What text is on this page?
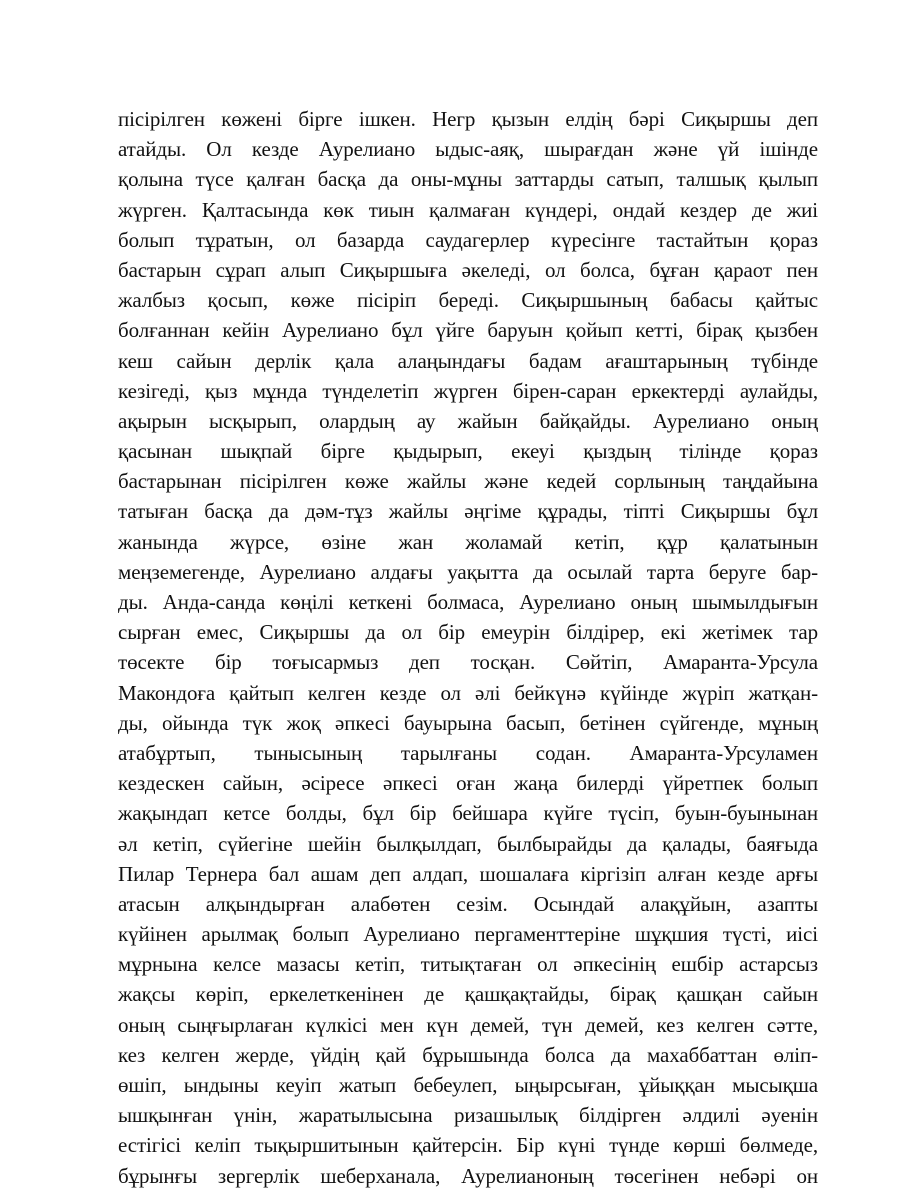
пісірілген көжені бірге ішкен. Негр қызын елдің бәрі Сиқыршы деп
атайды. Ол кезде Аурелиано ыдыс-аяқ, шырағдан және үй ішінде
қолына түсе қалған басқа да оны-мұны заттарды сатып, талшық қылып
жүрген. Қалтасында көк тиын қалмаған күндері, ондай кездер де жиі
болып тұратын, ол базарда саудагерлер күресінге тастайтын қораз
бастарын сұрап алып Сиқыршыға әкеледі, ол болса, бұған қараот пен
жалбыз қосып, көже пісіріп береді. Сиқыршының бабасы қайтыс
болғаннан кейін Аурелиано бұл үйге баруын қойып кетті, бірақ қызбен
кеш сайын дерлік қала алаңындағы бадам ағаштарының түбінде
кезігеді, қыз мұнда түнделетіп жүрген бірен-саран еркектерді аулайды,
ақырын ысқырып, олардың ау жайын байқайды. Аурелиано оның
қасынан шықпай бірге қыдырып, екеуі қыздың тілінде қораз
бастарынан пісірілген көже жайлы және кедей сорлының таңдайына
татыған басқа да дәм-тұз жайлы әңгіме құрады, тіпті Сиқыршы бұл
жанында жүрсе, өзіне жан жоламай кетіп, құр қалатынын
меңземегенде, Аурелиано алдағы уақытта да осылай тарта беруге бар-
ды. Анда-санда көңілі кеткені болмаса, Аурелиано оның шымылдығын
сырған емес, Сиқыршы да ол бір емеурін білдірер, екі жетімек тар
төсекте бір тоғысармыз деп тосқан. Сөйтіп, Амаранта-Урсула
Макондоға қайтып келген кезде ол әлі бейкүнә күйінде жүріп жатқан-
ды, ойында түк жоқ әпкесі бауырына басып, бетінен сүйгенде, мұның
атабұртып, тынысының тарылғаны содан. Амаранта-Урсуламен
кездескен сайын, әсіресе әпкесі оған жаңа билерді үйретпек болып
жақындап кетсе болды, бұл бір бейшара күйге түсіп, буын-буынынан
әл кетіп, сүйегіне шейін былқылдап, былбырайды да қалады, баяғыда
Пилар Тернера бал ашам деп алдап, шошалаға кіргізіп алған кезде арғы
атасын алқындырған алабөтен сезім. Осындай алақұйын, азапты
күйінен арылмақ болып Аурелиано пергаменттеріне шұқшия түсті, иісі
мұрнына келсе мазасы кетіп, титықтаған ол әпкесінің ешбір астарсыз
жақсы көріп, еркелеткенінен де қашқақтайды, бірақ қашқан сайын
оның сыңғырлаған күлкісі мен күн демей, түн демей, кез келген сәтте,
кез келген жерде, үйдің қай бұрышында болса да махаббаттан өліп-
өшіп, ындыны кеуіп жатып бебеулеп, ыңырсыған, ұйыққан мысықша
ышқынған үнін, жаратылысына ризашылық білдірген әлдилі әуенін
естігісі келіп тықыршитынын қайтерсін. Бір күні түнде көрші бөлмеде,
бұрынғы зергерлік шеберханала, Аурелианоның төсегінен небәрі он
